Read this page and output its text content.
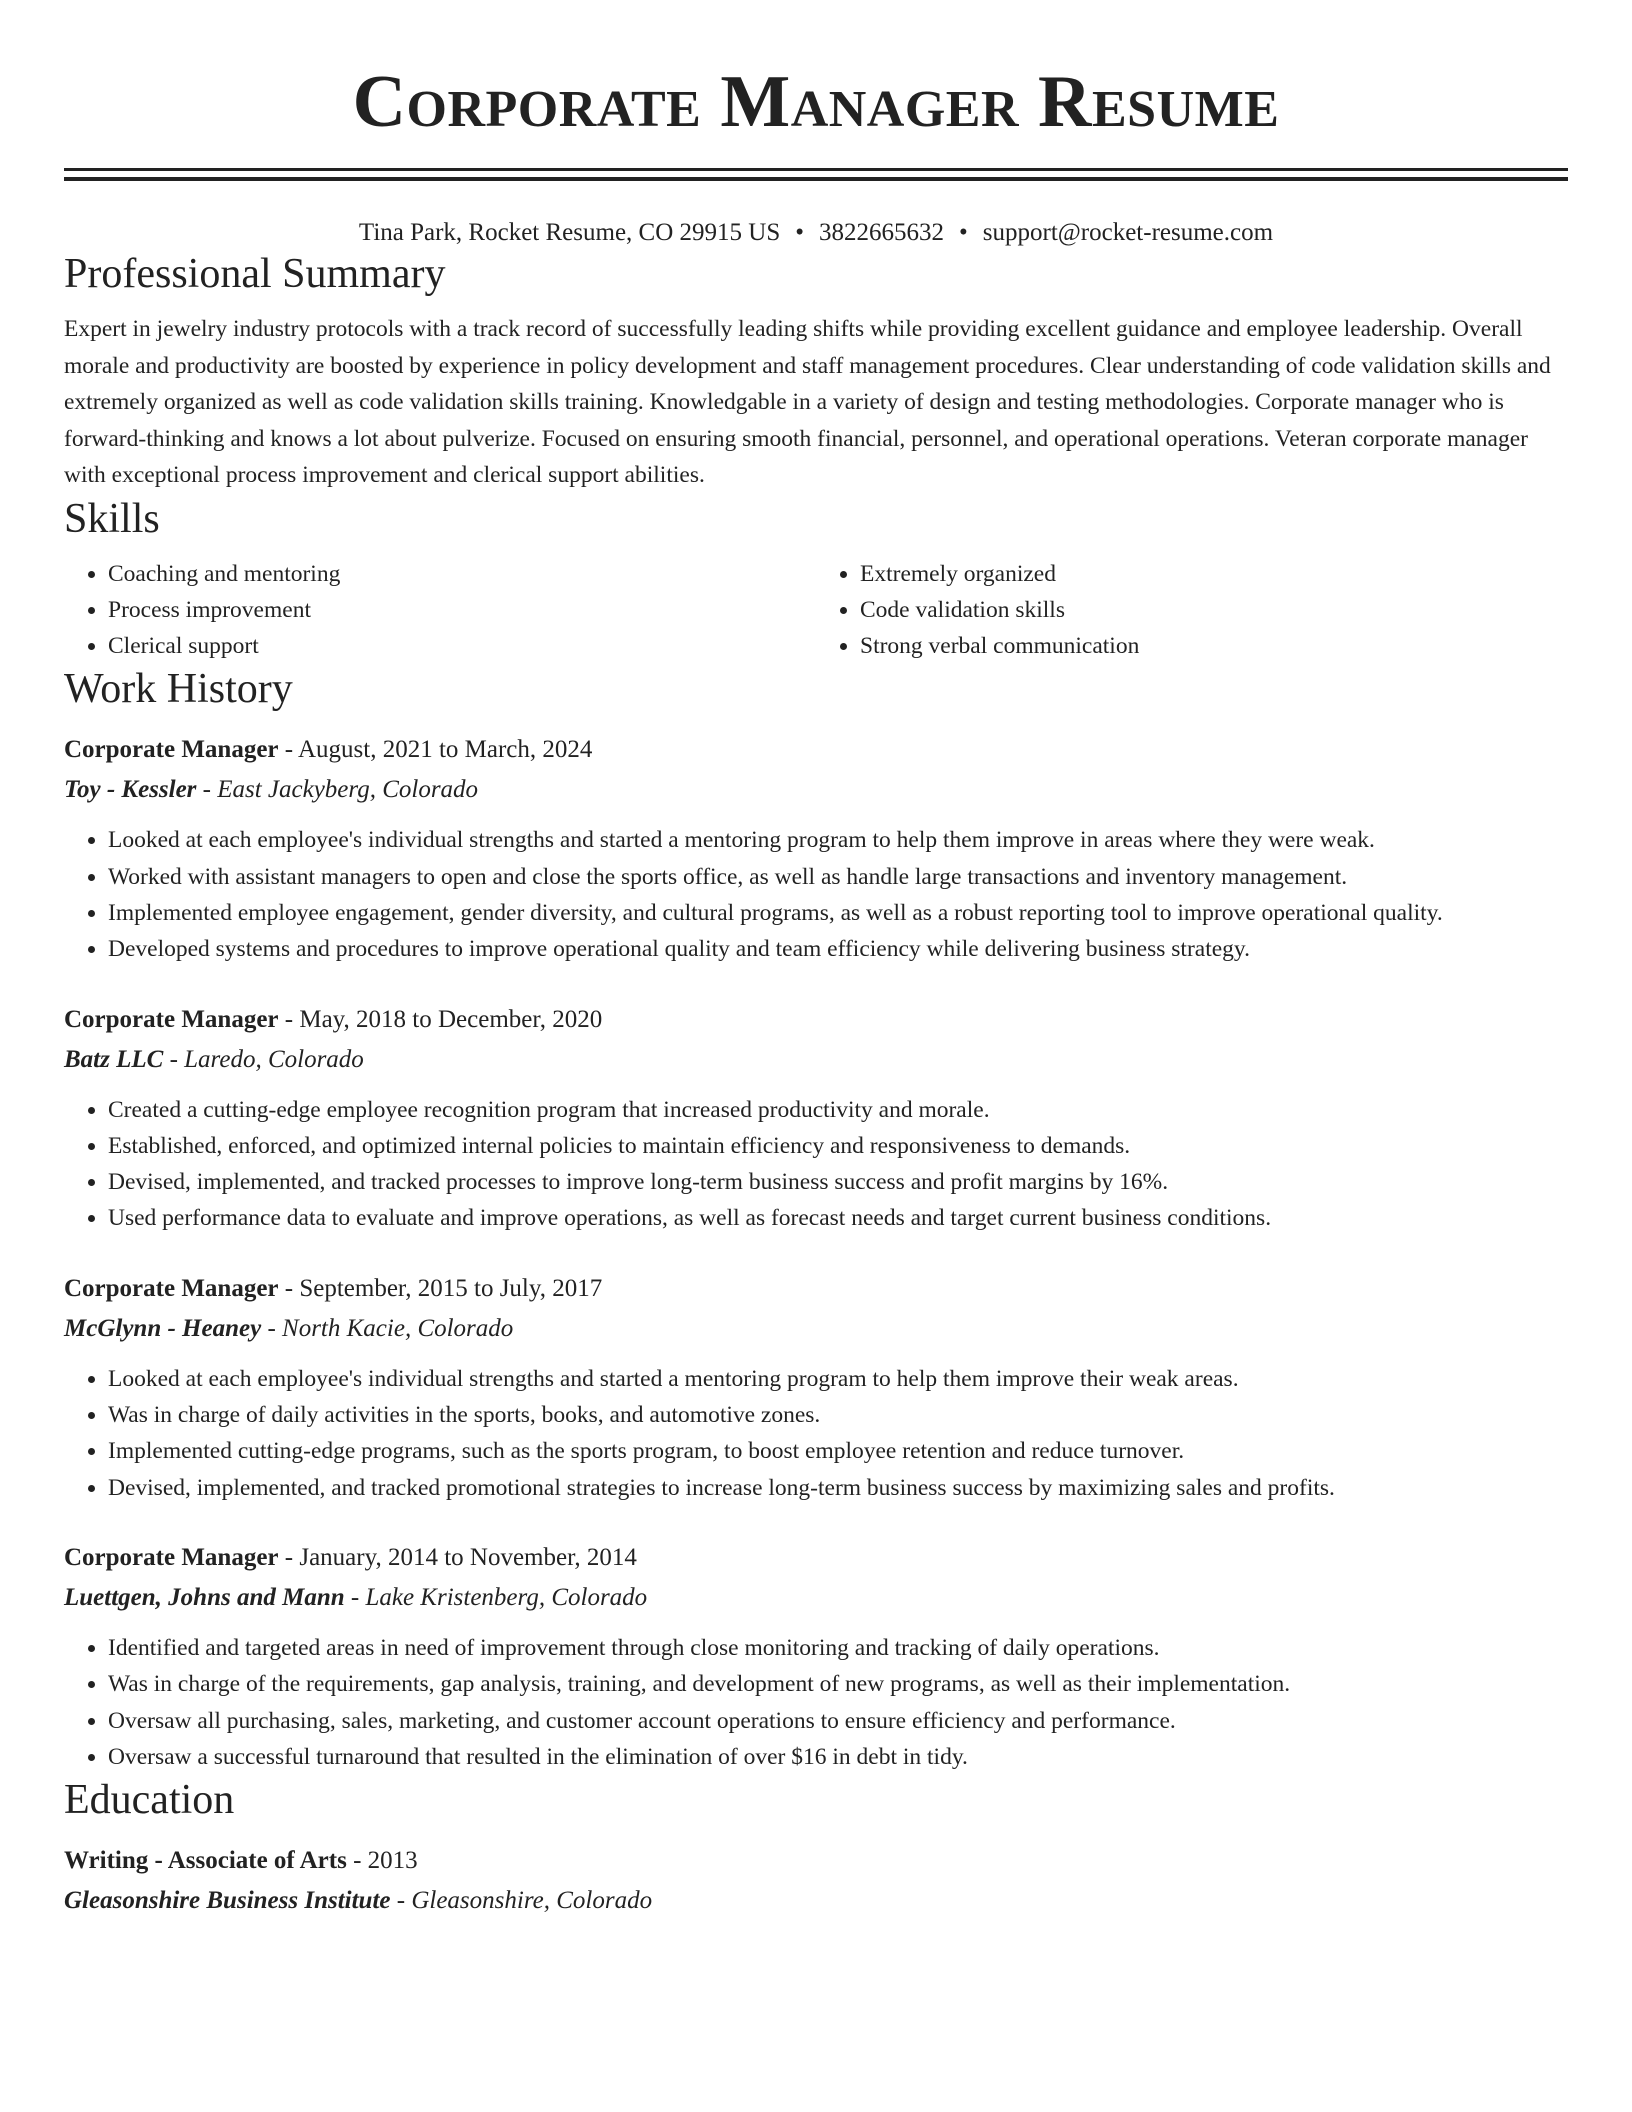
Corporate Manager Resume
Tina Park, Rocket Resume, CO 29915 US • 3822665632 • support@rocket-resume.com
Professional Summary

Expert in jewelry industry protocols with a track record of successfully leading shifts while providing excellent guidance and employee leadership. Overall morale and productivity are boosted by experience in policy development and staff management procedures. Clear understanding of code validation skills and extremely organized as well as code validation skills training. Knowledgable in a variety of design and testing methodologies. Corporate manager who is forward-thinking and knows a lot about pulverize. Focused on ensuring smooth financial, personnel, and operational operations. Veteran corporate manager with exceptional process improvement and clerical support abilities.

Skills
• Coaching and mentoring
• Process improvement
• Clerical support
• Extremely organized
• Code validation skills
• Strong verbal communication
Work History
Corporate Manager - August, 2021 to March, 2024
Toy - Kessler - East Jackyberg, Colorado
• Looked at each employee's individual strengths and started a mentoring program to help them improve in areas where they were weak.
• Worked with assistant managers to open and close the sports office, as well as handle large transactions and inventory management.
• Implemented employee engagement, gender diversity, and cultural programs, as well as a robust reporting tool to improve operational quality.
• Developed systems and procedures to improve operational quality and team efficiency while delivering business strategy.
Corporate Manager - May, 2018 to December, 2020
Batz LLC - Laredo, Colorado
• Created a cutting-edge employee recognition program that increased productivity and morale.
• Established, enforced, and optimized internal policies to maintain efficiency and responsiveness to demands.
• Devised, implemented, and tracked processes to improve long-term business success and profit margins by 16%.
• Used performance data to evaluate and improve operations, as well as forecast needs and target current business conditions.
Corporate Manager - September, 2015 to July, 2017
McGlynn - Heaney - North Kacie, Colorado
• Looked at each employee's individual strengths and started a mentoring program to help them improve their weak areas.
• Was in charge of daily activities in the sports, books, and automotive zones.
• Implemented cutting-edge programs, such as the sports program, to boost employee retention and reduce turnover.
• Devised, implemented, and tracked promotional strategies to increase long-term business success by maximizing sales and profits.
Corporate Manager - January, 2014 to November, 2014
Luettgen, Johns and Mann - Lake Kristenberg, Colorado
• Identified and targeted areas in need of improvement through close monitoring and tracking of daily operations.
• Was in charge of the requirements, gap analysis, training, and development of new programs, as well as their implementation.
• Oversaw all purchasing, sales, marketing, and customer account operations to ensure efficiency and performance.
• Oversaw a successful turnaround that resulted in the elimination of over $16 in debt in tidy.
Education
Writing - Associate of Arts - 2013
Gleasonshire Business Institute - Gleasonshire, Colorado
